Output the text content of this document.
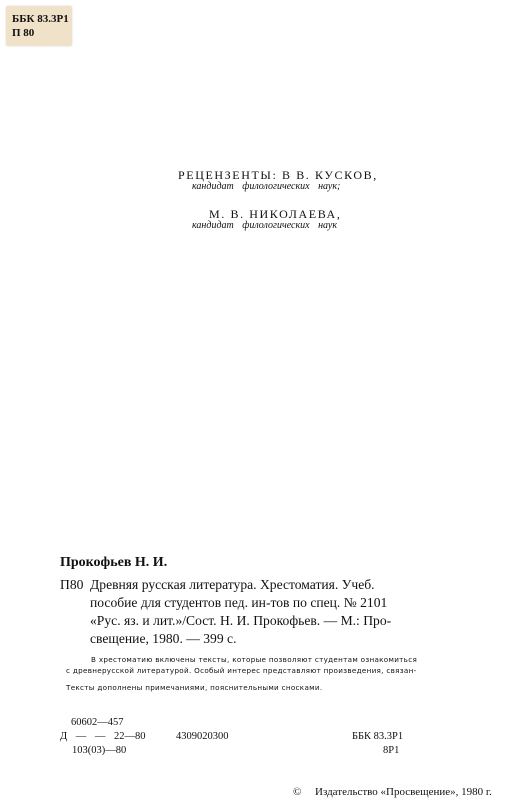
ББК 83.3Р1
П 80
РЕЦЕНЗЕНТЫ: В В. КУСКОВ,
кандидат филологических наук;
М. В. НИКОЛАЕВА,
кандидат филологических наук
Прокофьев Н. И.
П80 Древняя русская литература. Хрестоматия. Учеб.
пособие для студентов пед. ин-тов по спец. № 2101
«Рус. яз. и лит.»/Сост. Н. И. Прокофьев. — М.: Про-
свещение, 1980. — 399 с.
В хрестоматию включены тексты, которые позволяют студентам ознакомиться
с древнерусской литературой. Особый интерес представляют произведения, связан-
Тексты дополнены примечаниями, пояснительными сносками.
60602—457
Д — — 22—80	4309020300
103(03)—80
ББК 83.3Р1
8Р1
© Издательство «Просвещение», 1980 г.
